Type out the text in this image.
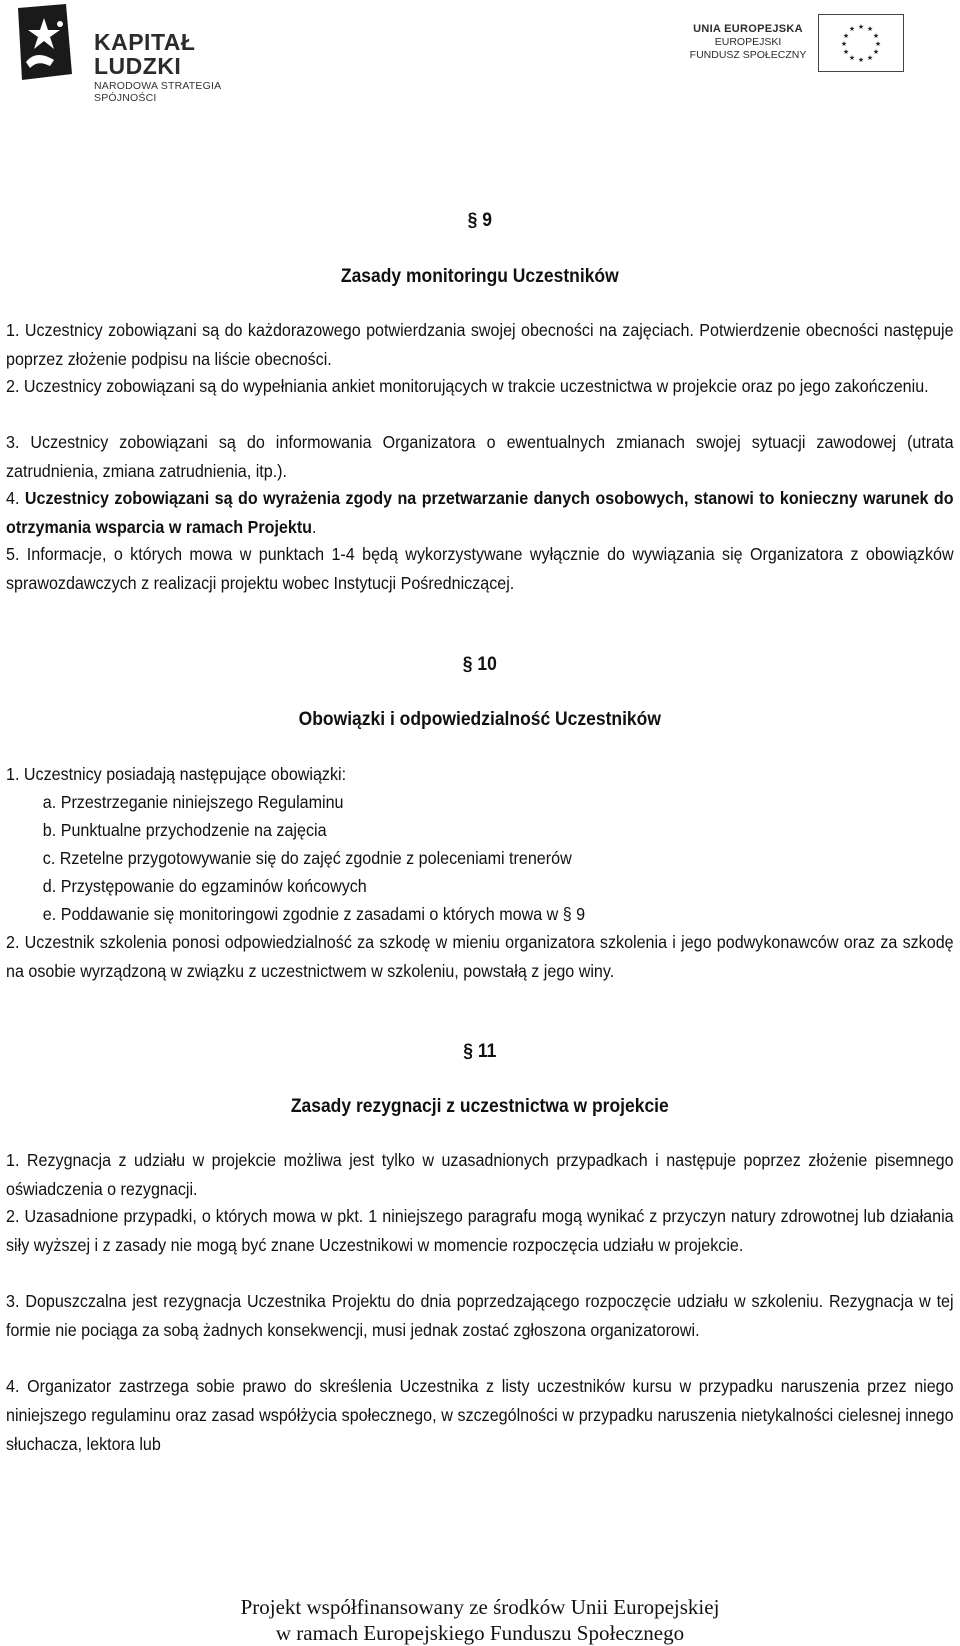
KAPITAŁ LUDZKI
NARODOWA STRATEGIA SPÓJNOŚCI
UNIA EUROPEJSKA
EUROPEJSKI
FUNDUSZ SPOŁECZNY
★ ★
★
★
★
★
★
★
★
★
★
★
§ 9
Zasady monitoringu Uczestników

1. Uczestnicy zobowiązani są do każdorazowego potwierdzania swojej obecności na zajęciach. Potwierdzenie obecności następuje poprzez złożenie podpisu na liście obecności.

2. Uczestnicy zobowiązani są do wypełniania ankiet monitorujących w trakcie uczestnictwa w projekcie oraz po jego zakończeniu.

3. Uczestnicy zobowiązani są do informowania Organizatora o ewentualnych zmianach swojej sytuacji zawodowej (utrata zatrudnienia, zmiana zatrudnienia, itp.).

4. Uczestnicy zobowiązani są do wyrażenia zgody na przetwarzanie danych osobowych, stanowi to konieczny warunek do otrzymania wsparcia w ramach Projektu.

5. Informacje, o których mowa w punktach 1-4 będą wykorzystywane wyłącznie do wywiązania się Organizatora z obowiązków sprawozdawczych z realizacji projektu wobec Instytucji Pośredniczącej.

§ 10
Obowiązki i odpowiedzialność Uczestników
1. Uczestnicy posiadają następujące obowiązki:
a. Przestrzeganie niniejszego Regulaminu
b. Punktualne przychodzenie na zajęcia
c. Rzetelne przygotowywanie się do zajęć zgodnie z poleceniami trenerów
d. Przystępowanie do egzaminów końcowych
e. Poddawanie się monitoringowi zgodnie z zasadami o których mowa w § 9

2. Uczestnik szkolenia ponosi odpowiedzialność za szkodę w mieniu organizatora szkolenia i jego podwykonawców oraz za szkodę na osobie wyrządzoną w związku z uczestnictwem w szkoleniu, powstałą z jego winy.

§ 11
Zasady rezygnacji z uczestnictwa w projekcie

1. Rezygnacja z udziału w projekcie możliwa jest tylko w uzasadnionych przypadkach i następuje poprzez złożenie pisemnego oświadczenia o rezygnacji.

2. Uzasadnione przypadki, o których mowa w pkt. 1 niniejszego paragrafu mogą wynikać z przyczyn natury zdrowotnej lub działania siły wyższej i z zasady nie mogą być znane Uczestnikowi w momencie rozpoczęcia udziału w projekcie.

3. Dopuszczalna jest rezygnacja Uczestnika Projektu do dnia poprzedzającego rozpoczęcie udziału w szkoleniu. Rezygnacja w tej formie nie pociąga za sobą żadnych konsekwencji, musi jednak zostać zgłoszona organizatorowi.

4. Organizator zastrzega sobie prawo do skreślenia Uczestnika z listy uczestników kursu w przypadku naruszenia przez niego niniejszego regulaminu oraz zasad współżycia społecznego, w szczególności w przypadku naruszenia nietykalności cielesnej innego słuchacza, lektora lub

Projekt współfinansowany ze środków Unii Europejskiej
w ramach Europejskiego Funduszu Społecznego
